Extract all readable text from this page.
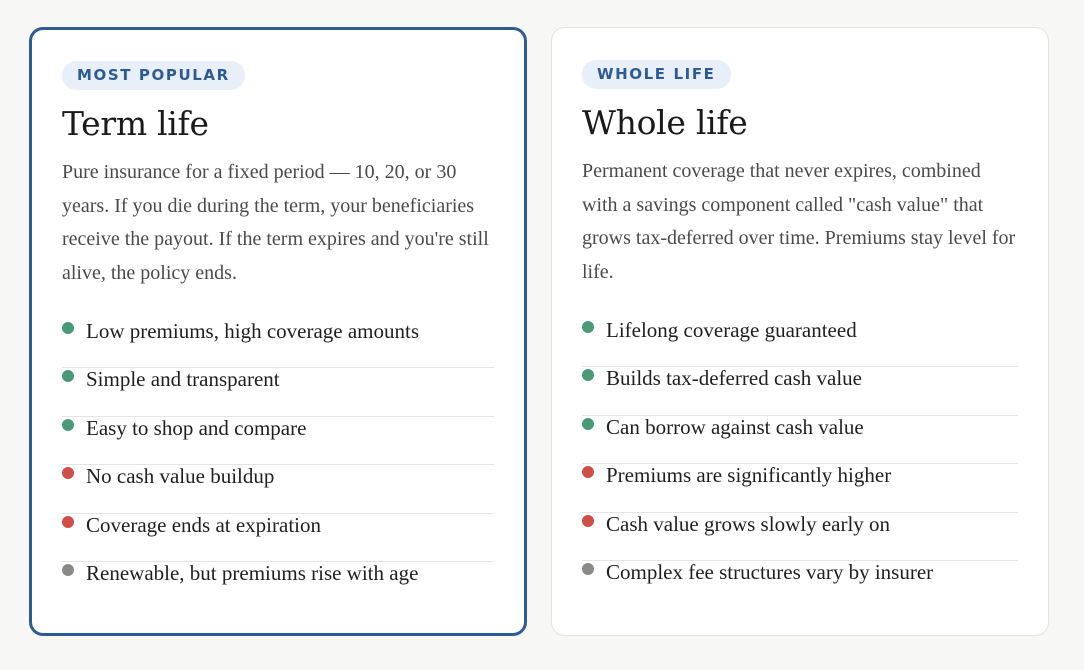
MOST POPULAR
Term life

Pure insurance for a fixed period — 10, 20, or 30 years. If you die during the term, your beneficiaries receive the payout. If the term expires and you're still alive, the policy ends.

Low premiums, high coverage amounts
Simple and transparent
Easy to shop and compare
No cash value buildup
Coverage ends at expiration
Renewable, but premiums rise with age
WHOLE LIFE
Whole life

Permanent coverage that never expires, combined with a savings component called "cash value" that grows tax-deferred over time. Premiums stay level for life.

Lifelong coverage guaranteed
Builds tax-deferred cash value
Can borrow against cash value
Premiums are significantly higher
Cash value grows slowly early on
Complex fee structures vary by insurer
